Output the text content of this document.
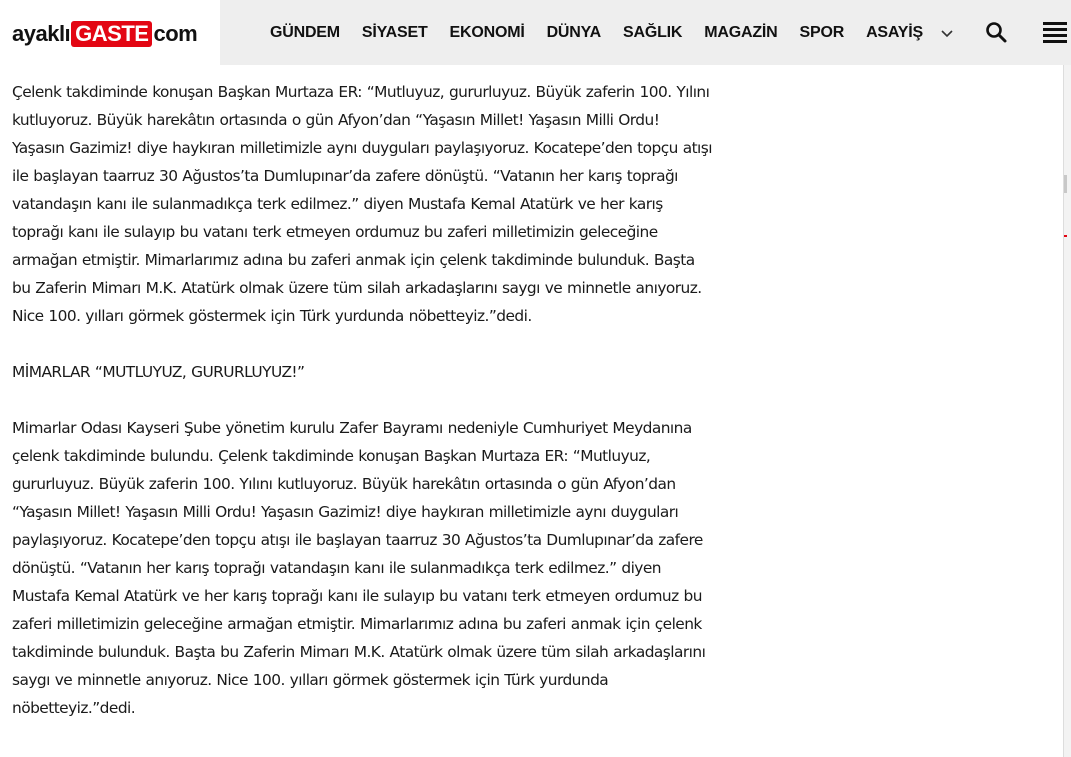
ayaklı GASTE com	GÜNDEM SİYASET EKONOMİ DÜNYA SAĞLIK MAGAZİN SPOR ASAYİŞ

Çelenk takdiminde konuşan Başkan Murtaza ER: “Mutluyuz, gururluyuz. Büyük zaferin 100. Yılını kutluyoruz. Büyük harekâtın ortasında o gün Afyon’dan “Yaşasın Millet! Yaşasın Milli Ordu! Yaşasın Gazimiz! diye haykıran milletimizle aynı duyguları paylaşıyoruz. Kocatepe’den topçu atışı ile başlayan taarruz 30 Ağustos’ta Dumlupınar’da zafere dönüştü. “Vatanın her karış toprağı vatandaşın kanı ile sulanmadıkça terk edilmez.” diyen Mustafa Kemal Atatürk ve her karış toprağı kanı ile sulayıp bu vatanı terk etmeyen ordumuz bu zaferi milletimizin geleceğine armağan etmiştir. Mimarlarımız adına bu zaferi anmak için çelenk takdiminde bulunduk. Başta bu Zaferin Mimarı M.K. Atatürk olmak üzere tüm silah arkadaşlarını saygı ve minnetle anıyoruz. Nice 100. yılları görmek göstermek için Türk yurdunda nöbetteyiz.”dedi.

MİMARLAR “MUTLUYUZ, GURURLUYUZ!”

Mimarlar Odası Kayseri Şube yönetim kurulu Zafer Bayramı nedeniyle Cumhuriyet Meydanına çelenk takdiminde bulundu. Çelenk takdiminde konuşan Başkan Murtaza ER: “Mutluyuz, gururluyuz. Büyük zaferin 100. Yılını kutluyoruz. Büyük harekâtın ortasında o gün Afyon’dan “Yaşasın Millet! Yaşasın Milli Ordu! Yaşasın Gazimiz! diye haykıran milletimizle aynı duyguları paylaşıyoruz. Kocatepe’den topçu atışı ile başlayan taarruz 30 Ağustos’ta Dumlupınar’da zafere dönüştü. “Vatanın her karış toprağı vatandaşın kanı ile sulanmadıkça terk edilmez.” diyen Mustafa Kemal Atatürk ve her karış toprağı kanı ile sulayıp bu vatanı terk etmeyen ordumuz bu zaferi milletimizin geleceğine armağan etmiştir. Mimarlarımız adına bu zaferi anmak için çelenk takdiminde bulunduk. Başta bu Zaferin Mimarı M.K. Atatürk olmak üzere tüm silah arkadaşlarını saygı ve minnetle anıyoruz. Nice 100. yılları görmek göstermek için Türk yurdunda nöbetteyiz.”dedi.
